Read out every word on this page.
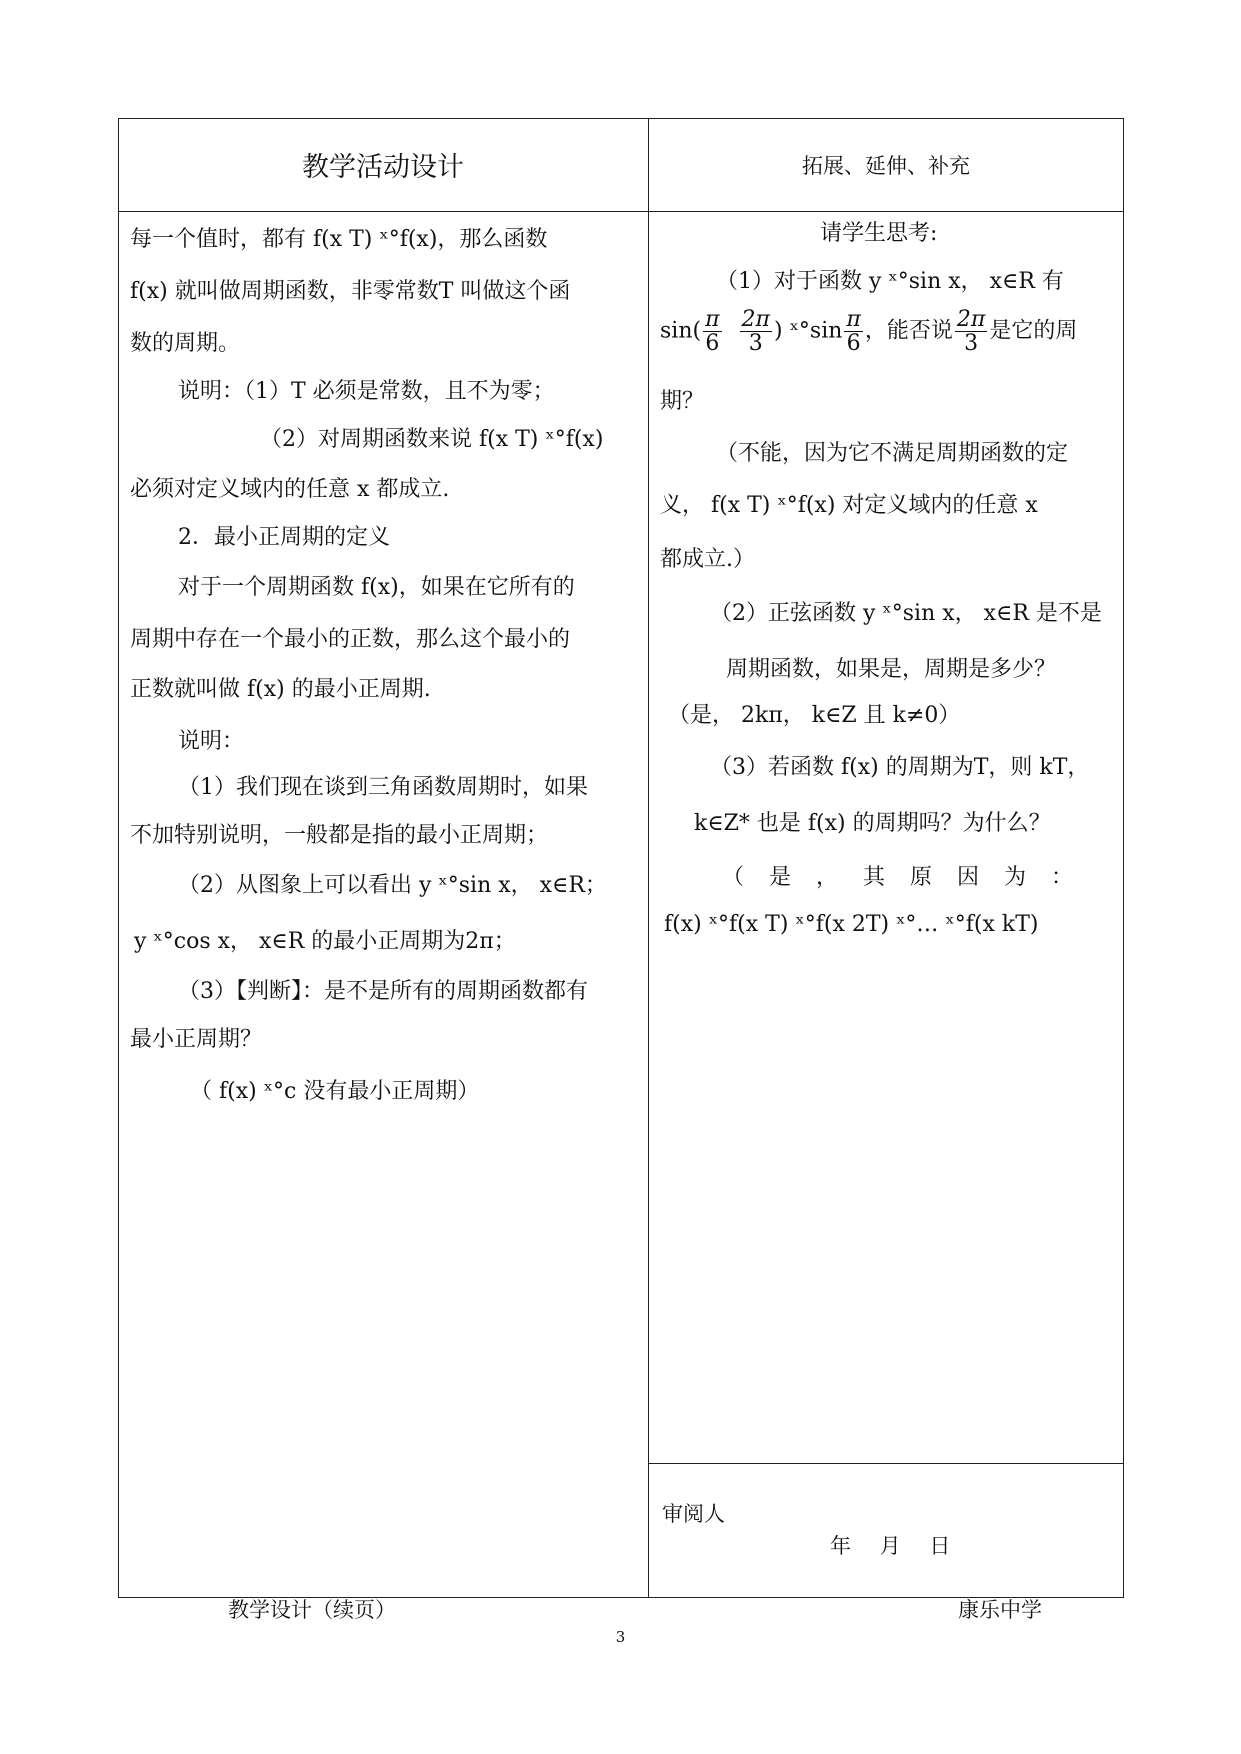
教学活动设计	拓展、延伸、补充
每一个值时，都有 f(x T) ˣ°f(x)，那么函数
f(x) 就叫做周期函数，非零常数T 叫做这个函
数的周期。
说明：（1）T 必须是常数，且不为零；
（2）对周期函数来说 f(x T) ˣ°f(x)
必须对定义域内的任意 x 都成立.
2．最小正周期的定义
对于一个周期函数 f(x)，如果在它所有的
周期中存在一个最小的正数，那么这个最小的
正数就叫做 f(x) 的最小正周期.
说明：
（1）我们现在谈到三角函数周期时，如果
不加特别说明，一般都是指的最小正周期；
（2）从图象上可以看出 y ˣ°sin x， x∈R；
y ˣ°cos x， x∈R 的最小正周期为2π；
（3）【判断】：是不是所有的周期函数都有
最小正周期？
（ f(x) ˣ°c 没有最小正周期）
请学生思考:
（1）对于函数 y ˣ°sin x， x∈R 有
$\sin( \frac{\pi}{6}$
$\frac{2\pi}{3}$ ) ˣ°sin $\frac{\pi}{6}$ ，能否说 $\frac{2\pi}{3}$ 是它的周
期？
（不能，因为它不满足周期函数的定
义， f(x T) ˣ°f(x) 对定义域内的任意 x
都成立.）
（2）正弦函数 y ˣ°sin x， x∈R 是不是
周期函数，如果是，周期是多少？
（是， 2kπ， k∈Z 且 k≠0）
（3）若函数 f(x) 的周期为T，则 kT，
k∈Z* 也是 f(x) 的周期吗？为什么？
（ 是 ， 其 原 因 为 ：
f(x) ˣ°f(x T) ˣ°f(x 2T) ˣ°… ˣ°f(x kT)
审阅人
年 月 日
教学设计（续页）	康乐中学
3
